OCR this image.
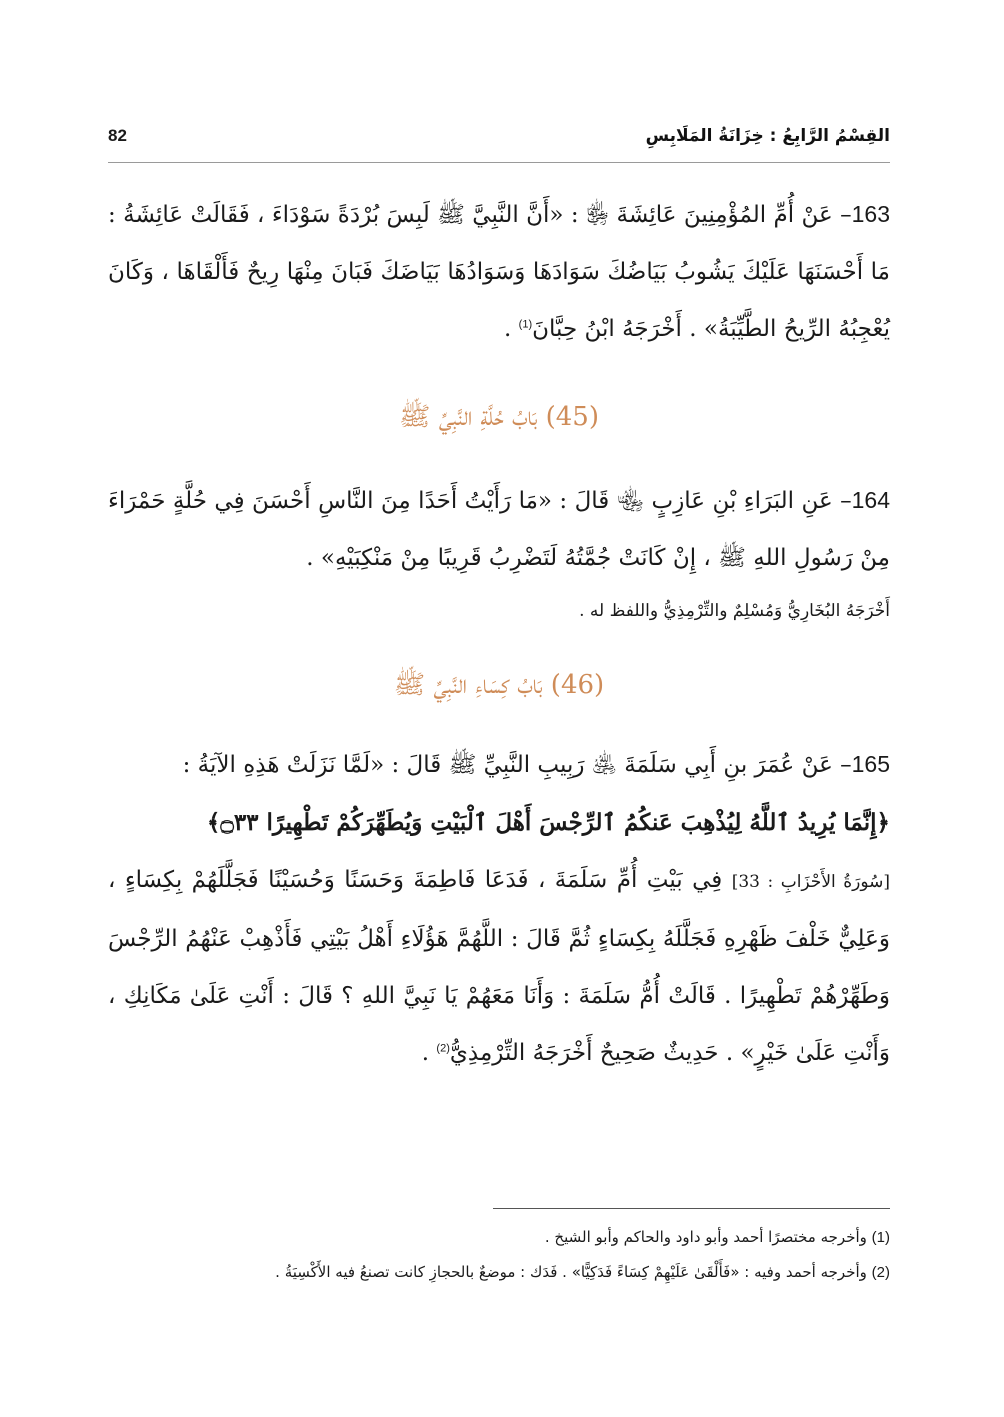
القِسْمُ الرَّابِعُ : خِزَانَةُ المَلَابِسِ
82

163– عَنْ أُمِّ المُؤْمِنِينَ عَائِشَةَ ﵂ : «أَنَّ النَّبِيَّ ﷺ لَبِسَ بُرْدَةً سَوْدَاءَ ، فَقَالَتْ عَائِشَةُ : مَا أَحْسَنَهَا عَلَيْكَ يَشُوبُ بَيَاضُكَ سَوَادَهَا وَسَوَادُهَا بَيَاضَكَ فَبَانَ مِنْهَا رِيحٌ فَأَلْقَاهَا ، وَكَانَ يُعْجِبُهُ الرِّيحُ الطَّيِّبَةُ» . أَخْرَجَهُ ابْنُ حِبَّانَ$^{(1)}$ .

(45) بَابُ حُلَّةِ النَّبِيِّ ﷺ

164– عَنِ البَرَاءِ بْنِ عَازِبٍ ﵄ قَالَ : «مَا رَأَيْتُ أَحَدًا مِنَ النَّاسِ أَحْسَنَ فِي حُلَّةٍ حَمْرَاءَ مِنْ رَسُولِ اللهِ ﷺ ، إِنْ كَانَتْ جُمَّتُهُ لَتَضْرِبُ قَرِيبًا مِنْ مَنْكِبَيْهِ» .

أَخْرَجَهُ البُخَارِيُّ وَمُسْلِمٌ والتِّرْمِذِيُّ واللفظ له .

(46) بَابُ كِسَاءِ النَّبِيِّ ﷺ

165– عَنْ عُمَرَ بنِ أَبِي سَلَمَةَ ﵁ رَبِيبِ النَّبِيِّ ﷺ قَالَ : «لَمَّا نَزَلَتْ هَذِهِ الآيَةُ :

﴿إِنَّمَا يُرِيدُ ٱللَّهُ لِيُذْهِبَ عَنكُمُ ٱلرِّجْسَ أَهْلَ ٱلْبَيْتِ وَيُطَهِّرَكُمْ تَطْهِيرًا ۝٣٣﴾

[سُورَةُ الأَحْزَابِ : 33] فِي بَيْتِ أُمِّ سَلَمَةَ ، فَدَعَا فَاطِمَةَ وَحَسَنًا وَحُسَيْنًا فَجَلَّلَهُمْ بِكِسَاءٍ ، وَعَلِيٌّ خَلْفَ ظَهْرِهِ فَجَلَّلَهُ بِكِسَاءٍ ثُمَّ قَالَ : اللَّهُمَّ هَؤُلَاءِ أَهْلُ بَيْتِي فَأَذْهِبْ عَنْهُمُ الرِّجْسَ وَطَهِّرْهُمْ تَطْهِيرًا . قَالَتْ أُمُّ سَلَمَةَ : وَأَنَا مَعَهُمْ يَا نَبِيَّ اللهِ ؟ قَالَ : أَنْتِ عَلَىٰ مَكَانِكِ ، وَأَنْتِ عَلَىٰ خَيْرٍ» . حَدِيثٌ صَحِيحٌ أَخْرَجَهُ التِّرْمِذِيُّ$^{(2)}$ .

(1) وأخرجه مختصرًا أحمد وأبو داود والحاكم وأبو الشيخ .

(2) وأخرجه أحمد وفيه : «فَأَلْقَىٰ عَلَيْهِمْ كِسَاءً فَدَكِيًّا» . فَدَك : موضعٌ بالحجازِ كانت تصنعُ فيه الأَكْسِيَةُ .
